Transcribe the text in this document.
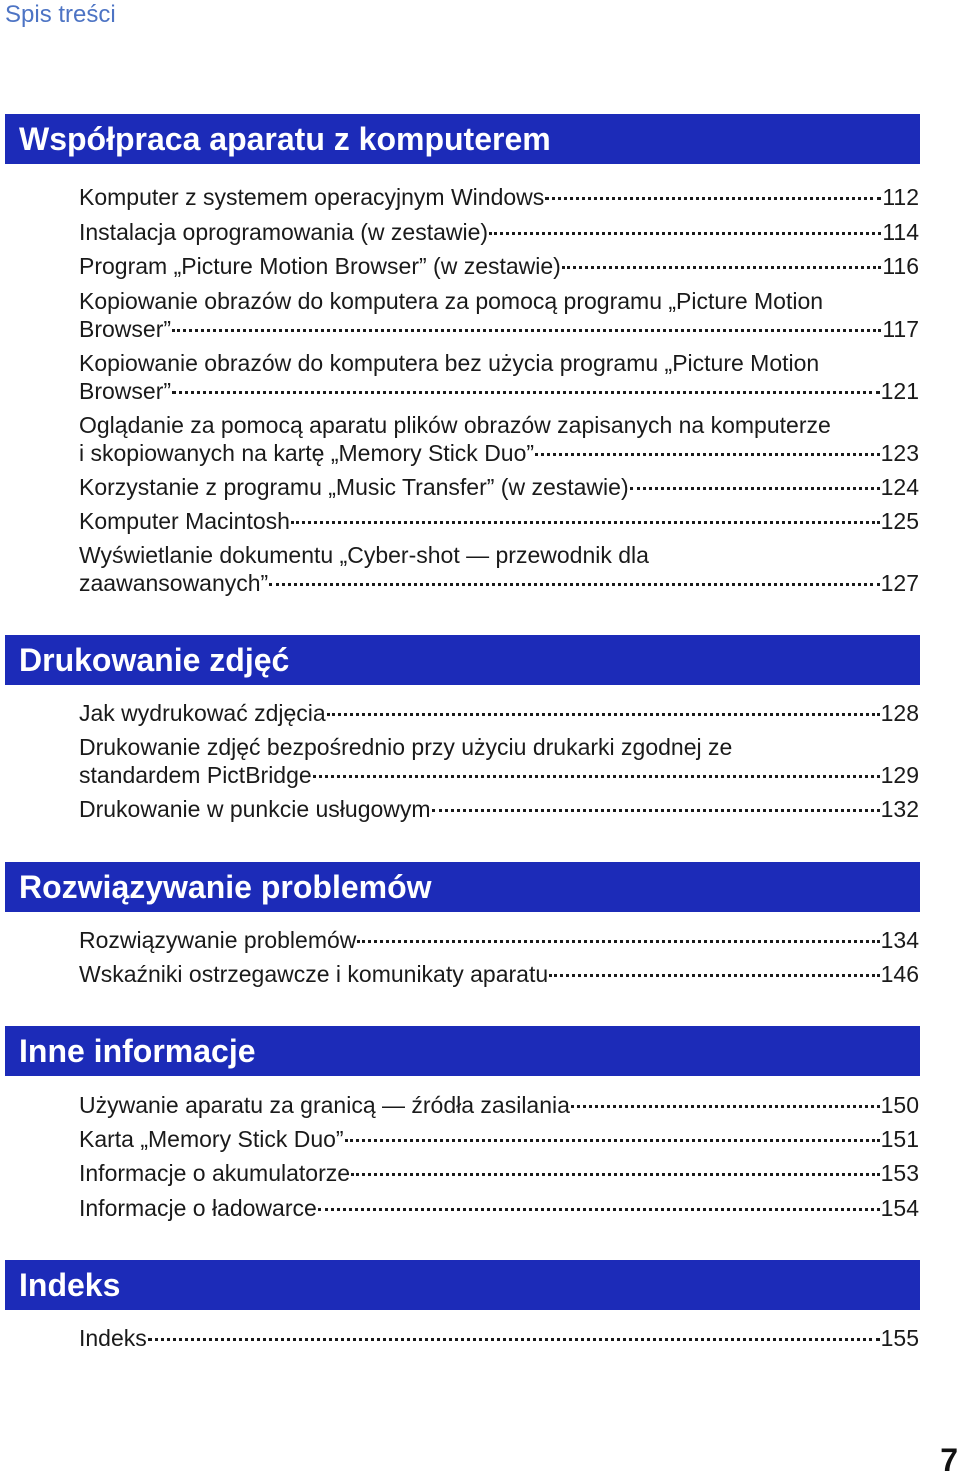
Spis treści
Współpraca aparatu z komputerem
Komputer z systemem operacyjnym Windows	112
Instalacja oprogramowania (w zestawie)	114
Program „Picture Motion Browser” (w zestawie)	116
Kopiowanie obrazów do komputera za pomocą programu „Picture Motion
Browser”	117
Kopiowanie obrazów do komputera bez użycia programu „Picture Motion
Browser”	121
Oglądanie za pomocą aparatu plików obrazów zapisanych na komputerze
i skopiowanych na kartę „Memory Stick Duo”	123
Korzystanie z programu „Music Transfer” (w zestawie)	124
Komputer Macintosh	125
Wyświetlanie dokumentu „Cyber-shot — przewodnik dla
zaawansowanych”	127
Drukowanie zdjęć
Jak wydrukować zdjęcia	128
Drukowanie zdjęć bezpośrednio przy użyciu drukarki zgodnej ze
standardem PictBridge	129
Drukowanie w punkcie usługowym	132
Rozwiązywanie problemów
Rozwiązywanie problemów	134
Wskaźniki ostrzegawcze i komunikaty aparatu	146
Inne informacje
Używanie aparatu za granicą — źródła zasilania	150
Karta „Memory Stick Duo”	151
Informacje o akumulatorze	153
Informacje o ładowarce	154
Indeks
Indeks	155
7
